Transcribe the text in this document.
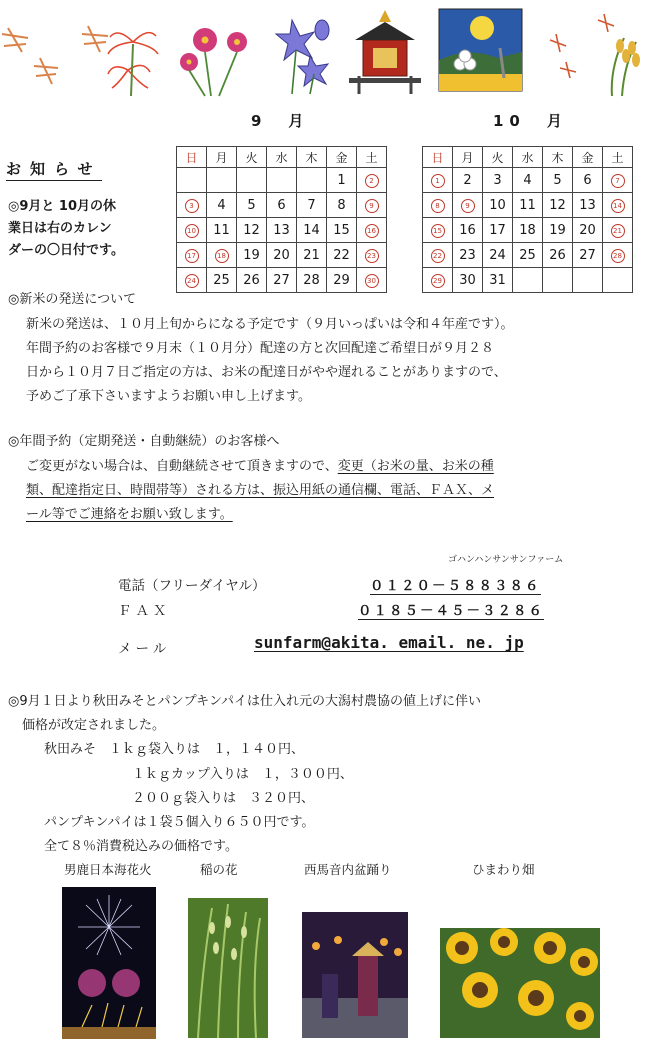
9　月	10　月
お知らせ
◎9月と 10月の休
業日は右のカレン
ダーの〇日付です。
日	月	火	水	木	金	土
					1	2
3	4	5	6	7	8	9
10	11	12	13	14	15	16
17	18	19	20	21	22	23
24	25	26	27	28	29	30
日	月	火	水	木	金	土
1	2	3	4	5	6	7
8	9	10	11	12	13	14
15	16	17	18	19	20	21
22	23	24	25	26	27	28
29	30	31				
◎新米の発送について
新米の発送は、１０月上旬からになる予定です（９月いっぱいは令和４年産です）。
年間予約のお客様で９月末（１０月分）配達の方と次回配達ご希望日が９月２８
日から１０月７日ご指定の方は、お米の配達日がやや遅れることがありますので、
予めご了承下さいますようお願い申し上げます。
◎年間予約（定期発送・自動継続）のお客様へ
ご変更がない場合は、自動継続させて頂きますので、変更（お米の量、お米の種
類、配達指定日、時間帯等）される方は、振込用紙の通信欄、電話、ＦＡＸ、メ
ール等でご連絡をお願い致します。
ゴハンハンサンサンファーム
電話（フリーダイヤル）	０１２０－５８８３８６
ＦＡＸ	０１８５－４５－３２８６
メール	sunfarm@akita. email. ne. jp
◎9月１日より秋田みそとパンプキンパイは仕入れ元の大潟村農協の値上げに伴い
価格が改定されました。
秋田みそ　１ｋｇ袋入りは　１，１４０円、
１ｋｇカップ入りは　１，３００円、
２００ｇ袋入りは　３２０円、
パンプキンパイは１袋５個入り６５０円です。
全て８％消費税込みの価格です。
男鹿日本海花火	稲の花	西馬音内盆踊り	ひまわり畑
